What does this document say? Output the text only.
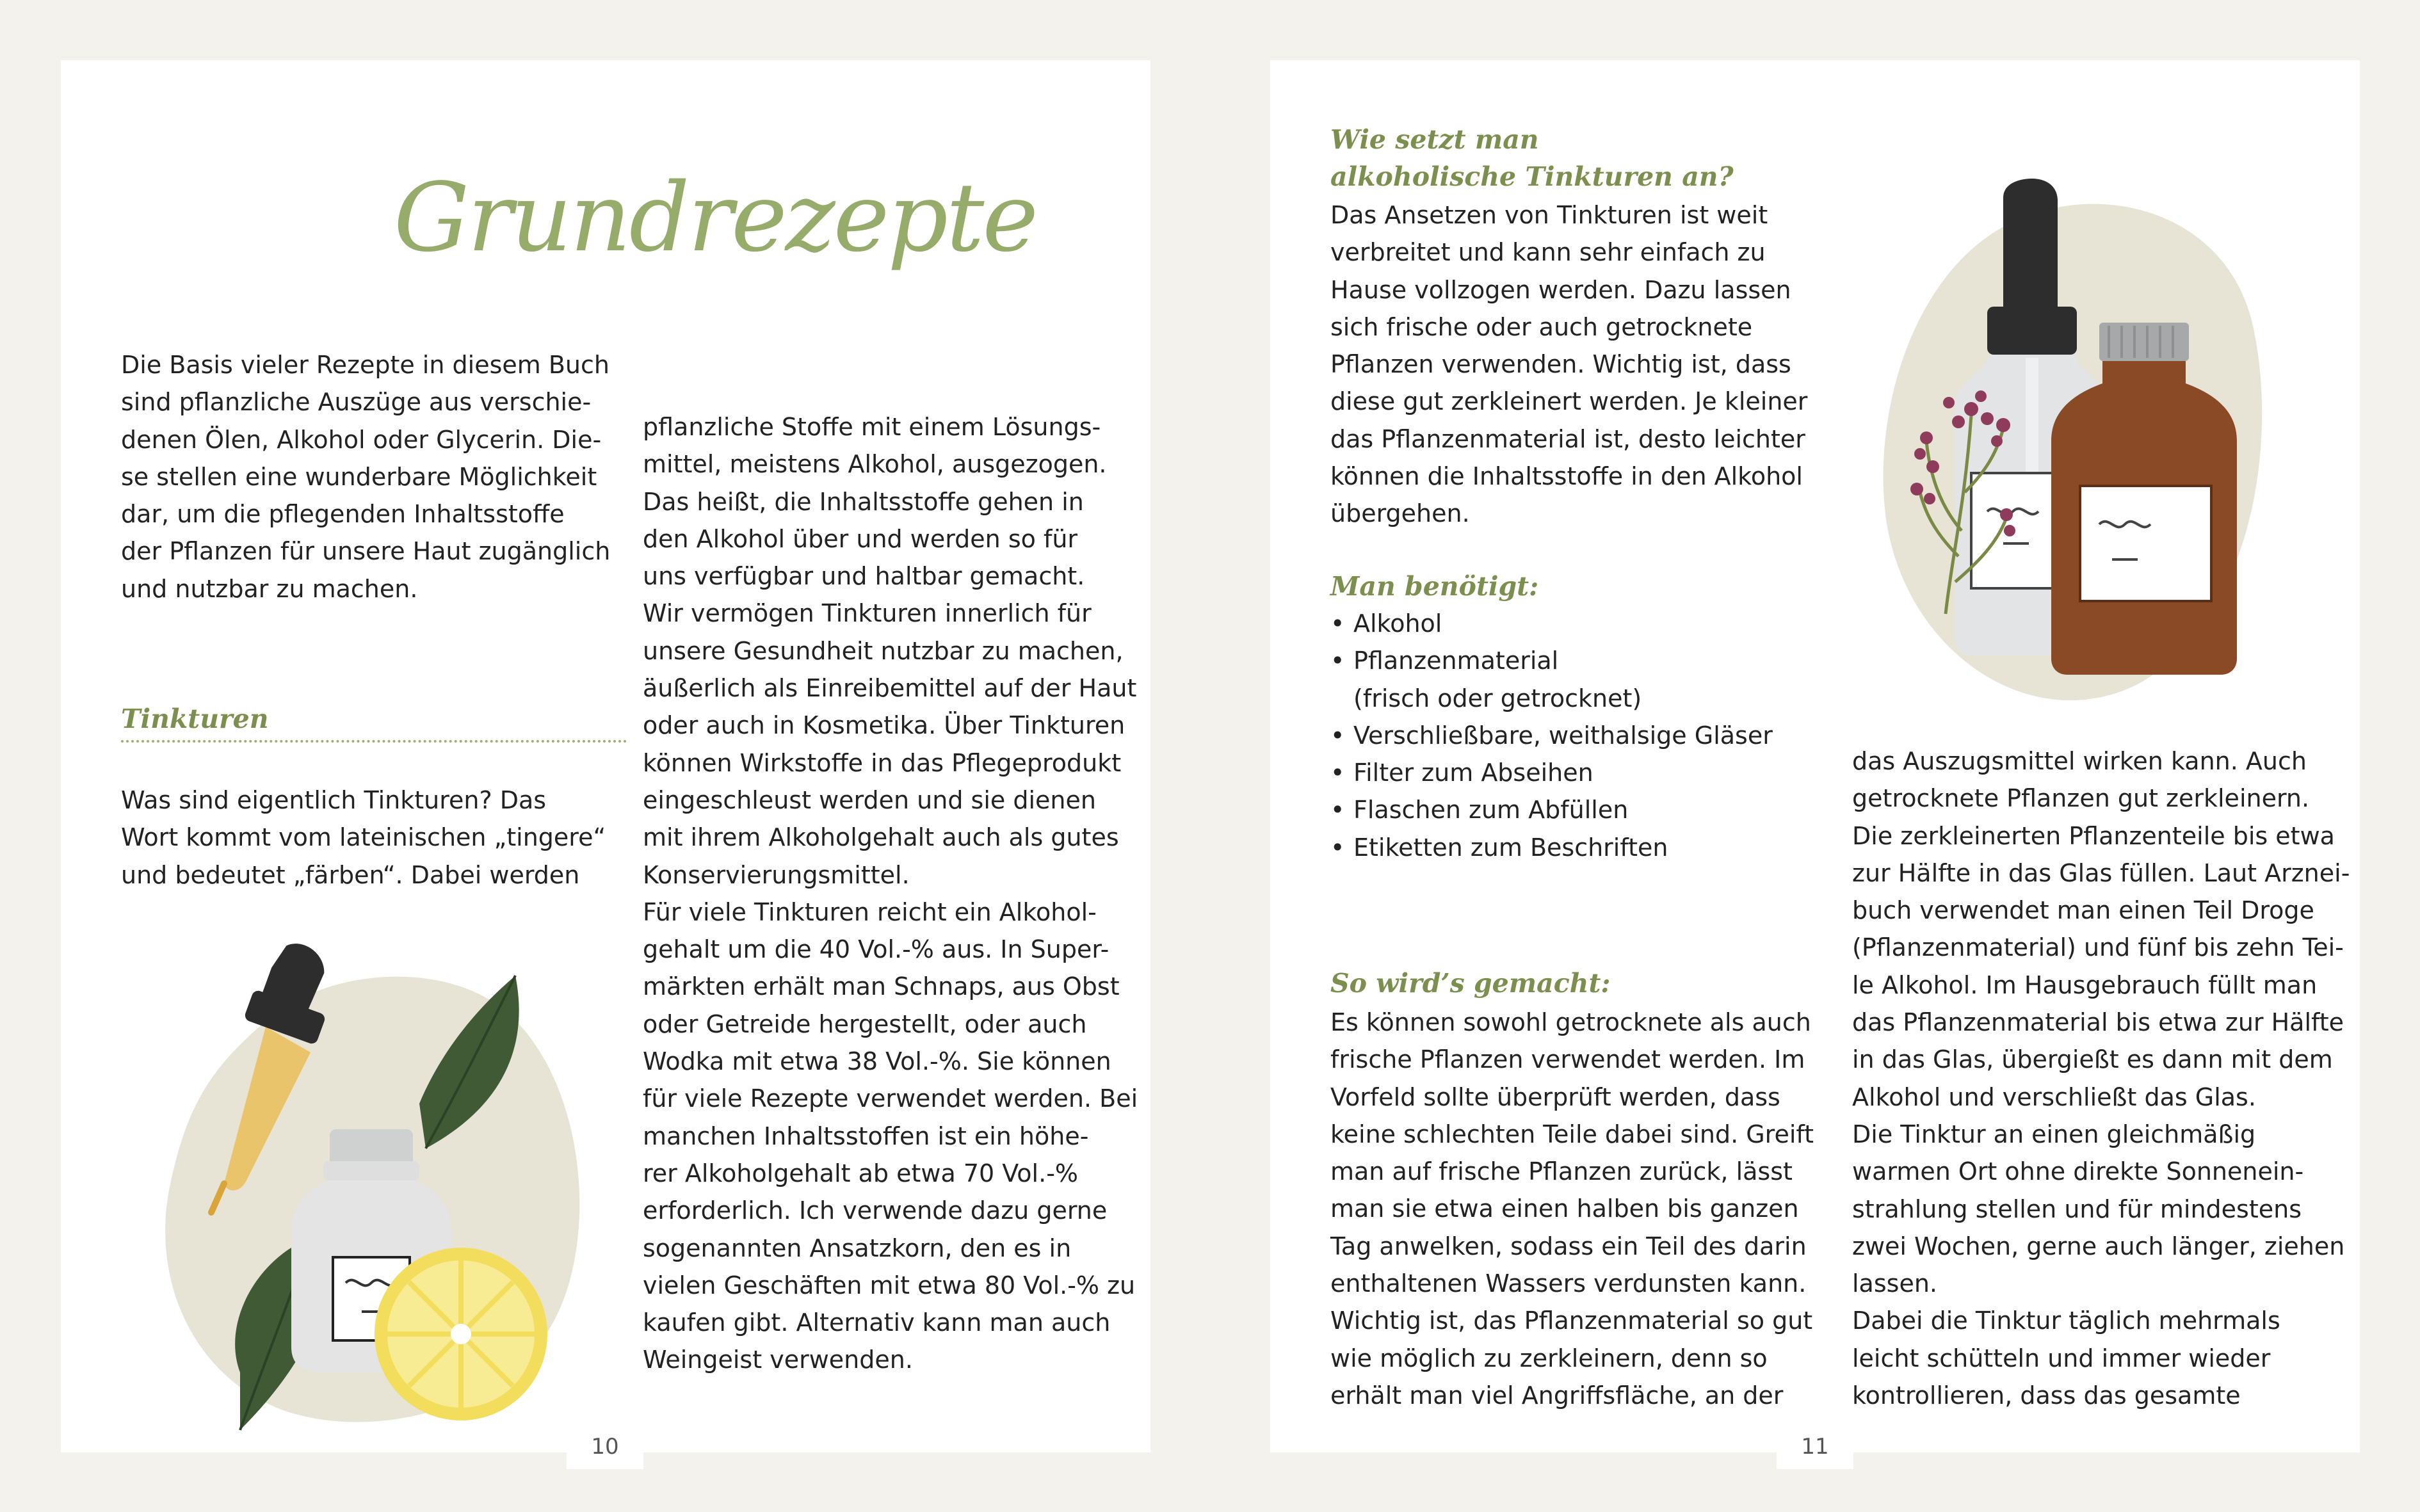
Grundrezepte

Die Basis vieler Rezepte in diesem Buch

sind pflanzliche Auszüge aus verschie-

denen Ölen, Alkohol oder Glycerin. Die-

se stellen eine wunderbare Möglichkeit

dar, um die pflegenden Inhaltsstoffe

der Pflanzen für unsere Haut zugänglich

und nutzbar zu machen.

Tinkturen

Was sind eigentlich Tinkturen? Das

Wort kommt vom lateinischen „tingere“

und bedeutet „färben“. Dabei werden

pflanzliche Stoffe mit einem Lösungs-

mittel, meistens Alkohol, ausgezogen.

Das heißt, die Inhaltsstoffe gehen in

den Alkohol über und werden so für

uns verfügbar und haltbar gemacht.

Wir vermögen Tinkturen innerlich für

unsere Gesundheit nutzbar zu machen,

äußerlich als Einreibemittel auf der Haut

oder auch in Kosmetika. Über Tinkturen

können Wirkstoffe in das Pflegeprodukt

eingeschleust werden und sie dienen

mit ihrem Alkoholgehalt auch als gutes

Konservierungsmittel.

Für viele Tinkturen reicht ein Alkohol-

gehalt um die 40 Vol.-% aus. In Super-

märkten erhält man Schnaps, aus Obst

oder Getreide hergestellt, oder auch

Wodka mit etwa 38 Vol.-%. Sie können

für viele Rezepte verwendet werden. Bei

manchen Inhaltsstoffen ist ein höhe-

rer Alkoholgehalt ab etwa 70 Vol.-%

erforderlich. Ich verwende dazu gerne

sogenannten Ansatzkorn, den es in

vielen Geschäften mit etwa 80 Vol.-% zu

kaufen gibt. Alternativ kann man auch

Weingeist verwenden.

10
Wie setzt man
alkoholische Tinkturen an?

Das Ansetzen von Tinkturen ist weit

verbreitet und kann sehr einfach zu

Hause vollzogen werden. Dazu lassen

sich frische oder auch getrocknete

Pflanzen verwenden. Wichtig ist, dass

diese gut zerkleinert werden. Je kleiner

das Pflanzenmaterial ist, desto leichter

können die Inhaltsstoffe in den Alkohol

übergehen.

Man benötigt:
• Alkohol
• Pflanzenmaterial
(frisch oder getrocknet)
• Verschließbare, weithalsige Gläser
• Filter zum Abseihen
• Flaschen zum Abfüllen
• Etiketten zum Beschriften
So wird’s gemacht:

Es können sowohl getrocknete als auch

frische Pflanzen verwendet werden. Im

Vorfeld sollte überprüft werden, dass

keine schlechten Teile dabei sind. Greift

man auf frische Pflanzen zurück, lässt

man sie etwa einen halben bis ganzen

Tag anwelken, sodass ein Teil des darin

enthaltenen Wassers verdunsten kann.

Wichtig ist, das Pflanzenmaterial so gut

wie möglich zu zerkleinern, denn so

erhält man viel Angriffsfläche, an der

das Auszugsmittel wirken kann. Auch

getrocknete Pflanzen gut zerkleinern.

Die zerkleinerten Pflanzenteile bis etwa

zur Hälfte in das Glas füllen. Laut Arznei-

buch verwendet man einen Teil Droge

(Pflanzenmaterial) und fünf bis zehn Tei-

le Alkohol. Im Hausgebrauch füllt man

das Pflanzenmaterial bis etwa zur Hälfte

in das Glas, übergießt es dann mit dem

Alkohol und verschließt das Glas.

Die Tinktur an einen gleichmäßig

warmen Ort ohne direkte Sonnenein-

strahlung stellen und für mindestens

zwei Wochen, gerne auch länger, ziehen

lassen.

Dabei die Tinktur täglich mehrmals

leicht schütteln und immer wieder

kontrollieren, dass das gesamte

11
